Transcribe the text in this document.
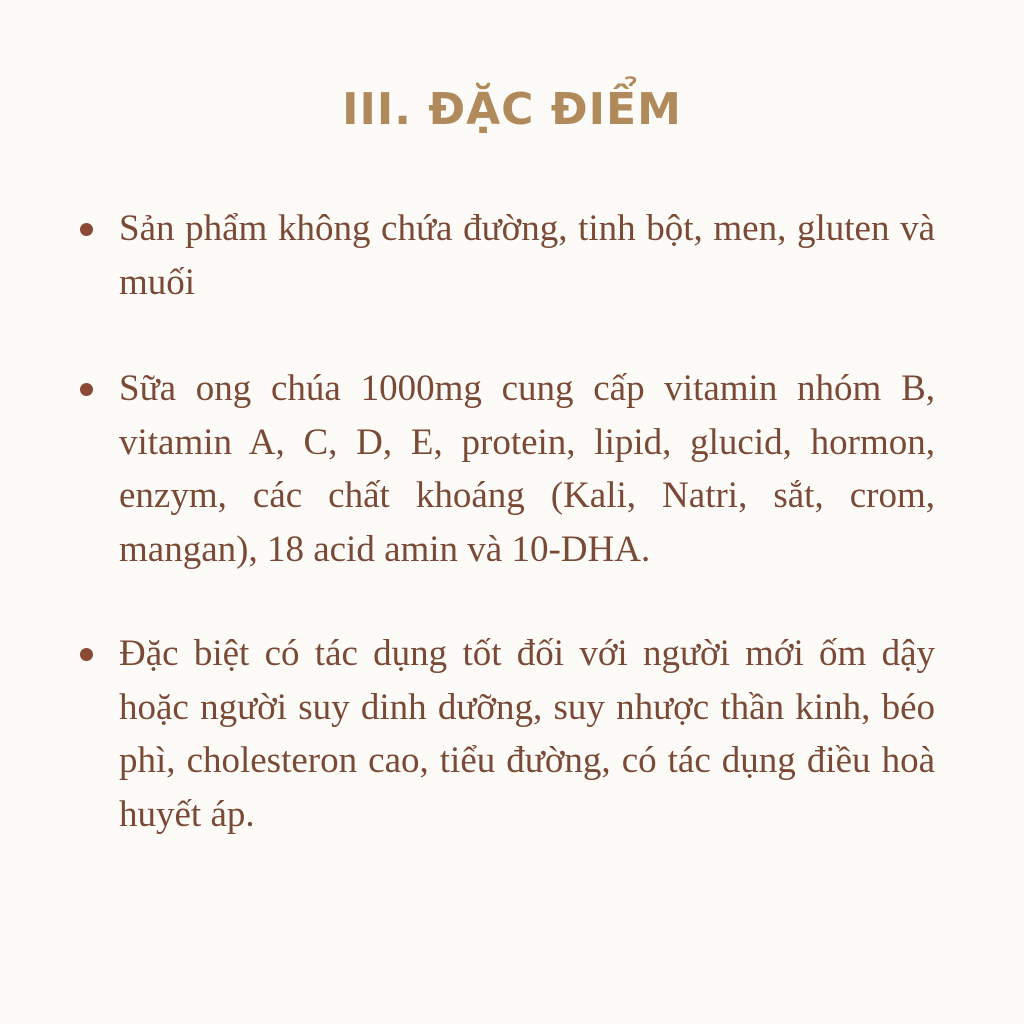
III. ĐẶC ĐIỂM
Sản phẩm không chứa đường, tinh bột, men, gluten và muối
Sữa ong chúa 1000mg cung cấp vitamin nhóm B, vitamin A, C, D, E, protein, lipid, glucid, hormon, enzym, các chất khoáng (Kali, Natri, sắt, crom, mangan), 18 acid amin và 10-DHA.
Đặc biệt có tác dụng tốt đối với người mới ốm dậy hoặc người suy dinh dưỡng, suy nhược thần kinh, béo phì, cholesteron cao, tiểu đường, có tác dụng điều hoà huyết áp.
